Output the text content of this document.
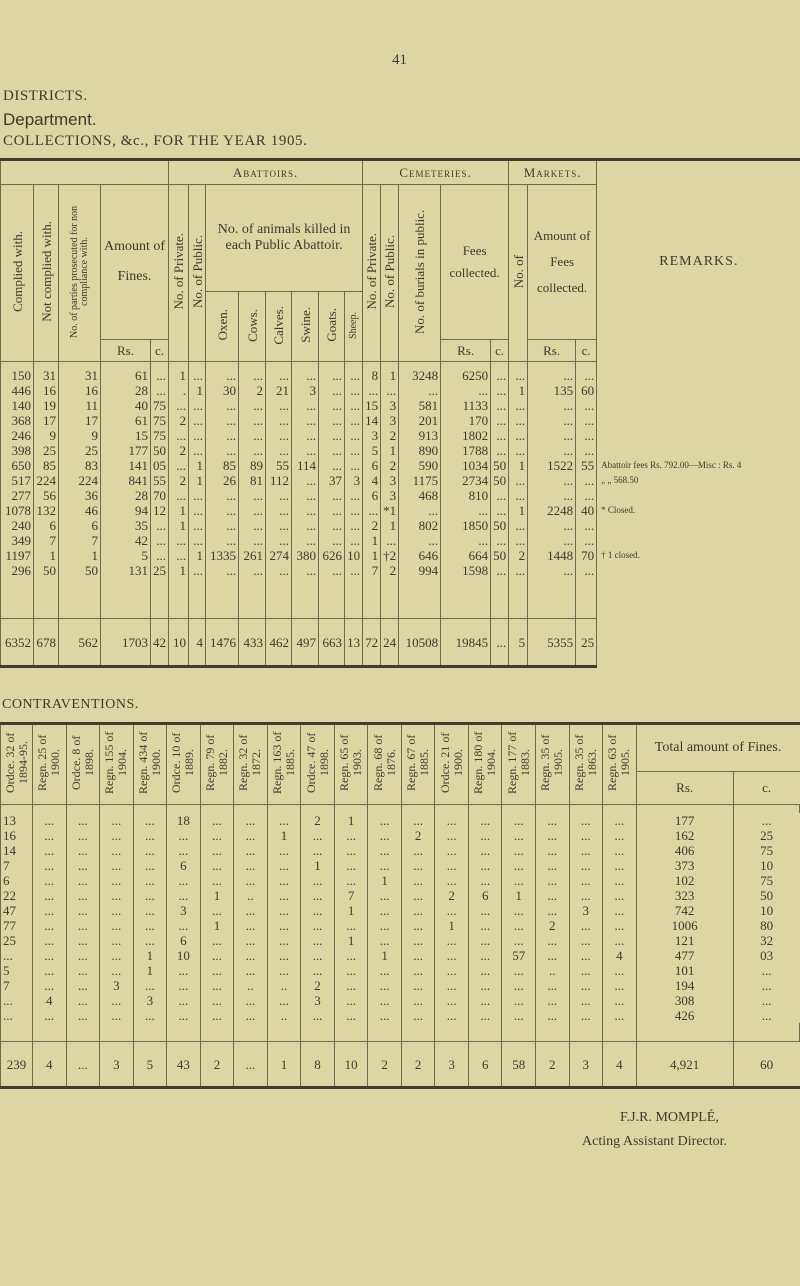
41
DISTRICTS.
Department.
COLLECTIONS, &c., FOR THE YEAR 1905.
					Abattoirs.								Cemeteries.					Markets.			REMARKS.
Complied with.	Not complied with.	No. of parties prosecuted for non compliance with.	Amount of Fines.		No. of Private.	No. of Public.	No. of animals killed in each Public Abattoir.						No. of Private.	No. of Public.	No. of burials in public.	Fees collected.		No. of	Amount of Fees collected.		
							Oxen.	Cows.	Calves.	Swine.	Goats.	Sheep.									
			Rs.	c.												Rs.	c.		Rs.	c.	

150	31	31	61	...	1	...	...	...	...	...	...	...	8	1	3248	6250	...	...	...	...	
446	16	16	28	...	.	1	30	2	21	3	...	...	...	...	...	...	...	1	135	60	
140	19	11	40	75	...	...	...	...	...	...	...	...	15	3	581	1133	...	...	...	...	
368	17	17	61	75	2	...	...	...	...	...	...	...	14	3	201	170	...	...	...	...	
246	9	9	15	75	...	...	...	...	...	...	...	...	3	2	913	1802	...	...	...	...	
398	25	25	177	50	2	...	...	...	...	...	...	...	5	1	890	1788	...	...	...	...	
650	85	83	141	05	...	1	85	89	55	114	...	...	6	2	590	1034	50	1	1522	55	Abattoir fees Rs. 792.00—Misc : Rs. 4
517	224	224	841	55	2	1	26	81	112	...	37	3	4	3	1175	2734	50	...	...	...	„ „ 568.50
277	56	36	28	70	...	...	...	...	...	...	...	...	6	3	468	810	...	...	...	...	
1078	132	46	94	12	1	...	...	...	...	...	...	...	...	*1	...	...	...	1	2248	40	* Closed.
240	6	6	35	...	1	...	...	...	...	...	...	...	2	1	802	1850	50	...	...	...	
349	7	7	42	...	...	...	...	...	...	...	...	...	1	...	...	...	...	...	...	...	
1197	1	1	5	...	...	1	1335	261	274	380	626	10	1	†2	646	664	50	2	1448	70	† 1 closed.
296	50	50	131	25	1	...	...	...	...	...	...	...	7	2	994	1598	...	...	...	...	

6352	678	562	1703	42	10	4	1476	433	462	497	663	13	72	24	10508	19845	...	5	5355	25	
CONTRAVENTIONS.
Ordce. 32 of 1894-95.	Regn. 25 of 1900.	Ordce. 8 of 1898.	Regn. 155 of 1904.	Regn. 434 of 1900.	Ordce. 10 of 1889.	Regn. 79 of 1882.	Regn. 32 of 1872.	Regn. 163 of 1885.	Ordce. 47 of 1898.	Regn. 65 of 1903.	Regn. 68 of 1876.	Regn. 67 of 1885.	Ordce. 21 of 1900.	Regn. 180 of 1904.	Regn. 177 of 1883.	Regn. 35 of 1905.	Regn. 35 of 1863.	Regn. 63 of 1905.	Total amount of Fines.	
																			Rs.	c.

13	...	...	...	...	18	...	...	...	2	1	...	...	...	...	...	...	...	...	177	...
16	...	...	...	...	...	...	...	1	...	...	...	2	...	...	...	...	...	...	162	25
14	...	...	...	...	...	...	...	...	...	...	...	...	...	...	...	...	...	...	406	75
7	...	...	...	...	6	...	...	...	1	...	...	...	...	...	...	...	...	...	373	10
6	...	...	...	...	...	...	...	...	...	...	1	...	...	...	...	...	...	...	102	75
22	...	...	...	...	...	1	..	...	...	7	...	...	2	6	1	...	...	...	323	50
47	...	...	...	...	3	...	...	...	...	1	...	...	...	...	...	...	3	...	742	10
77	...	...	...	...	...	1	...	...	...	...	...	...	1	...	...	2	...	...	1006	80
25	...	...	...	...	6	...	...	...	...	1	...	...	...	...	...	...	...	...	121	32
...	...	...	...	1	10	...	...	...	...	...	1	...	...	...	57	...	...	4	477	03
5	...	...	...	1	...	...	...	...	...	...	...	...	...	...	...	..	...	...	101	...
7	...	...	3	...	...	...	..	..	2	...	...	...	...	...	...	...	...	...	194	...
...	4	...	...	3	...	...	...	...	3	...	...	...	...	...	...	...	...	...	308	...
...	...	...	...	...	...	...	...	..	...	...	...	...	...	...	...	...	...	...	426	...

239	4	...	3	5	43	2	...	1	8	10	2	2	3	6	58	2	3	4	4,921	60
F.J.R. MOMPLÉ,
Acting Assistant Director.
